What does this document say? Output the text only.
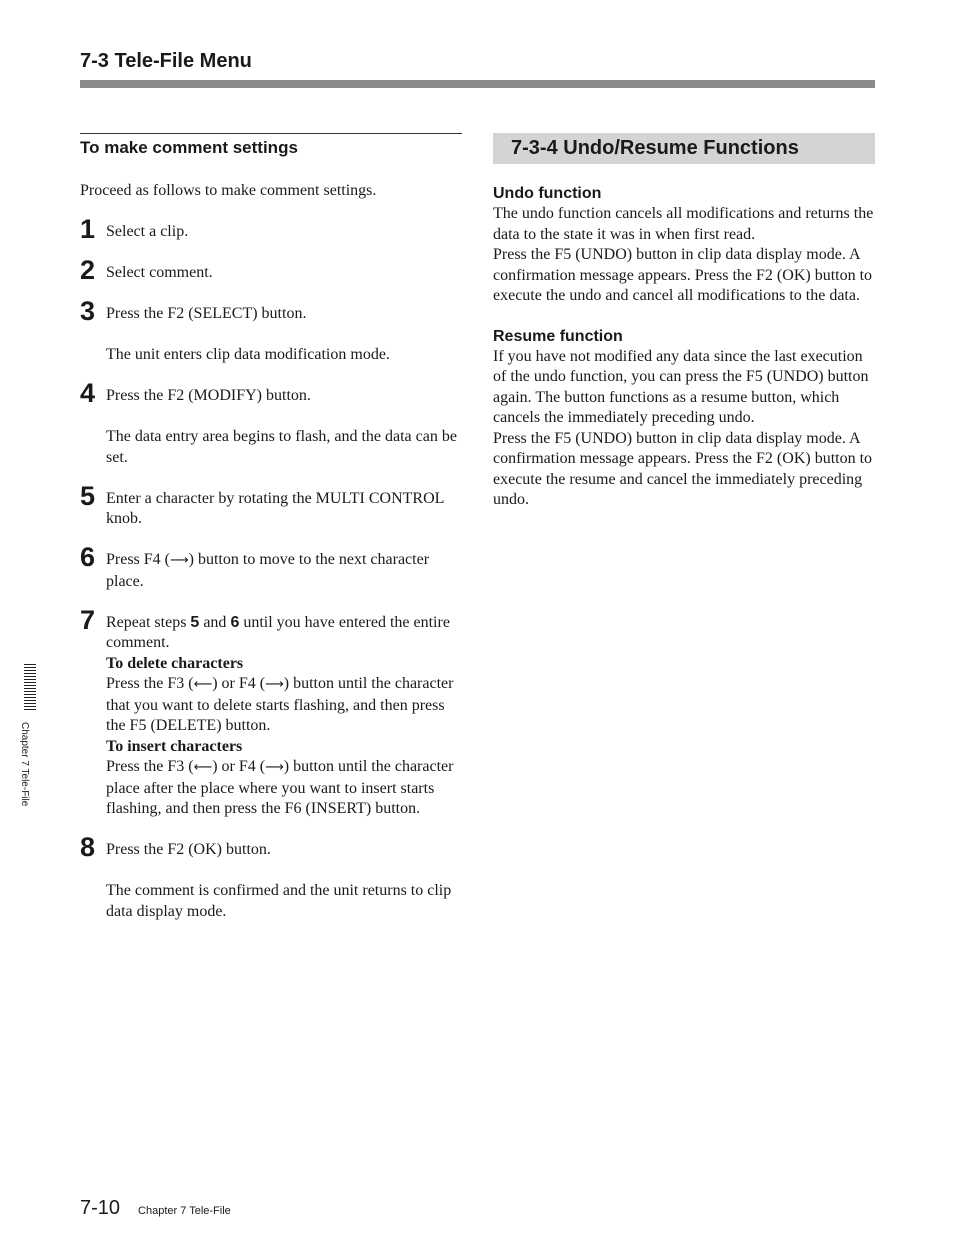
7-3 Tele-File Menu
To make comment settings

Proceed as follows to make comment settings.

1 Select a clip.

2 Select comment.

3 Press the F2 (SELECT) button.

The unit enters clip data modification mode.

4 Press the F2 (MODIFY) button.

The data entry area begins to flash, and the data can be set.

5 Enter a character by rotating the MULTI CONTROL knob.

6 Press F4 (⟶) button to move to the next character place.

7 Repeat steps 5 and 6 until you have entered the entire comment.

To delete characters

Press the F3 (⟵) or F4 (⟶) button until the character that you want to delete starts flashing, and then press the F5 (DELETE) button.

To insert characters

Press the F3 (⟵) or F4 (⟶) button until the character place after the place where you want to insert starts flashing, and then press the F6 (INSERT) button.

8 Press the F2 (OK) button.

The comment is confirmed and the unit returns to clip data display mode.

7-3-4 Undo/Resume Functions

Undo function

The undo function cancels all modifications and returns the data to the state it was in when first read.

Press the F5 (UNDO) button in clip data display mode. A confirmation message appears. Press the F2 (OK) button to execute the undo and cancel all modifications to the data.

Resume function

If you have not modified any data since the last execution of the undo function, you can press the F5 (UNDO) button again. The button functions as a resume button, which cancels the immediately preceding undo.

Press the F5 (UNDO) button in clip data display mode. A confirmation message appears. Press the F2 (OK) button to execute the resume and cancel the immediately preceding undo.

Chapter 7 Tele-File
7-10 Chapter 7 Tele-File
